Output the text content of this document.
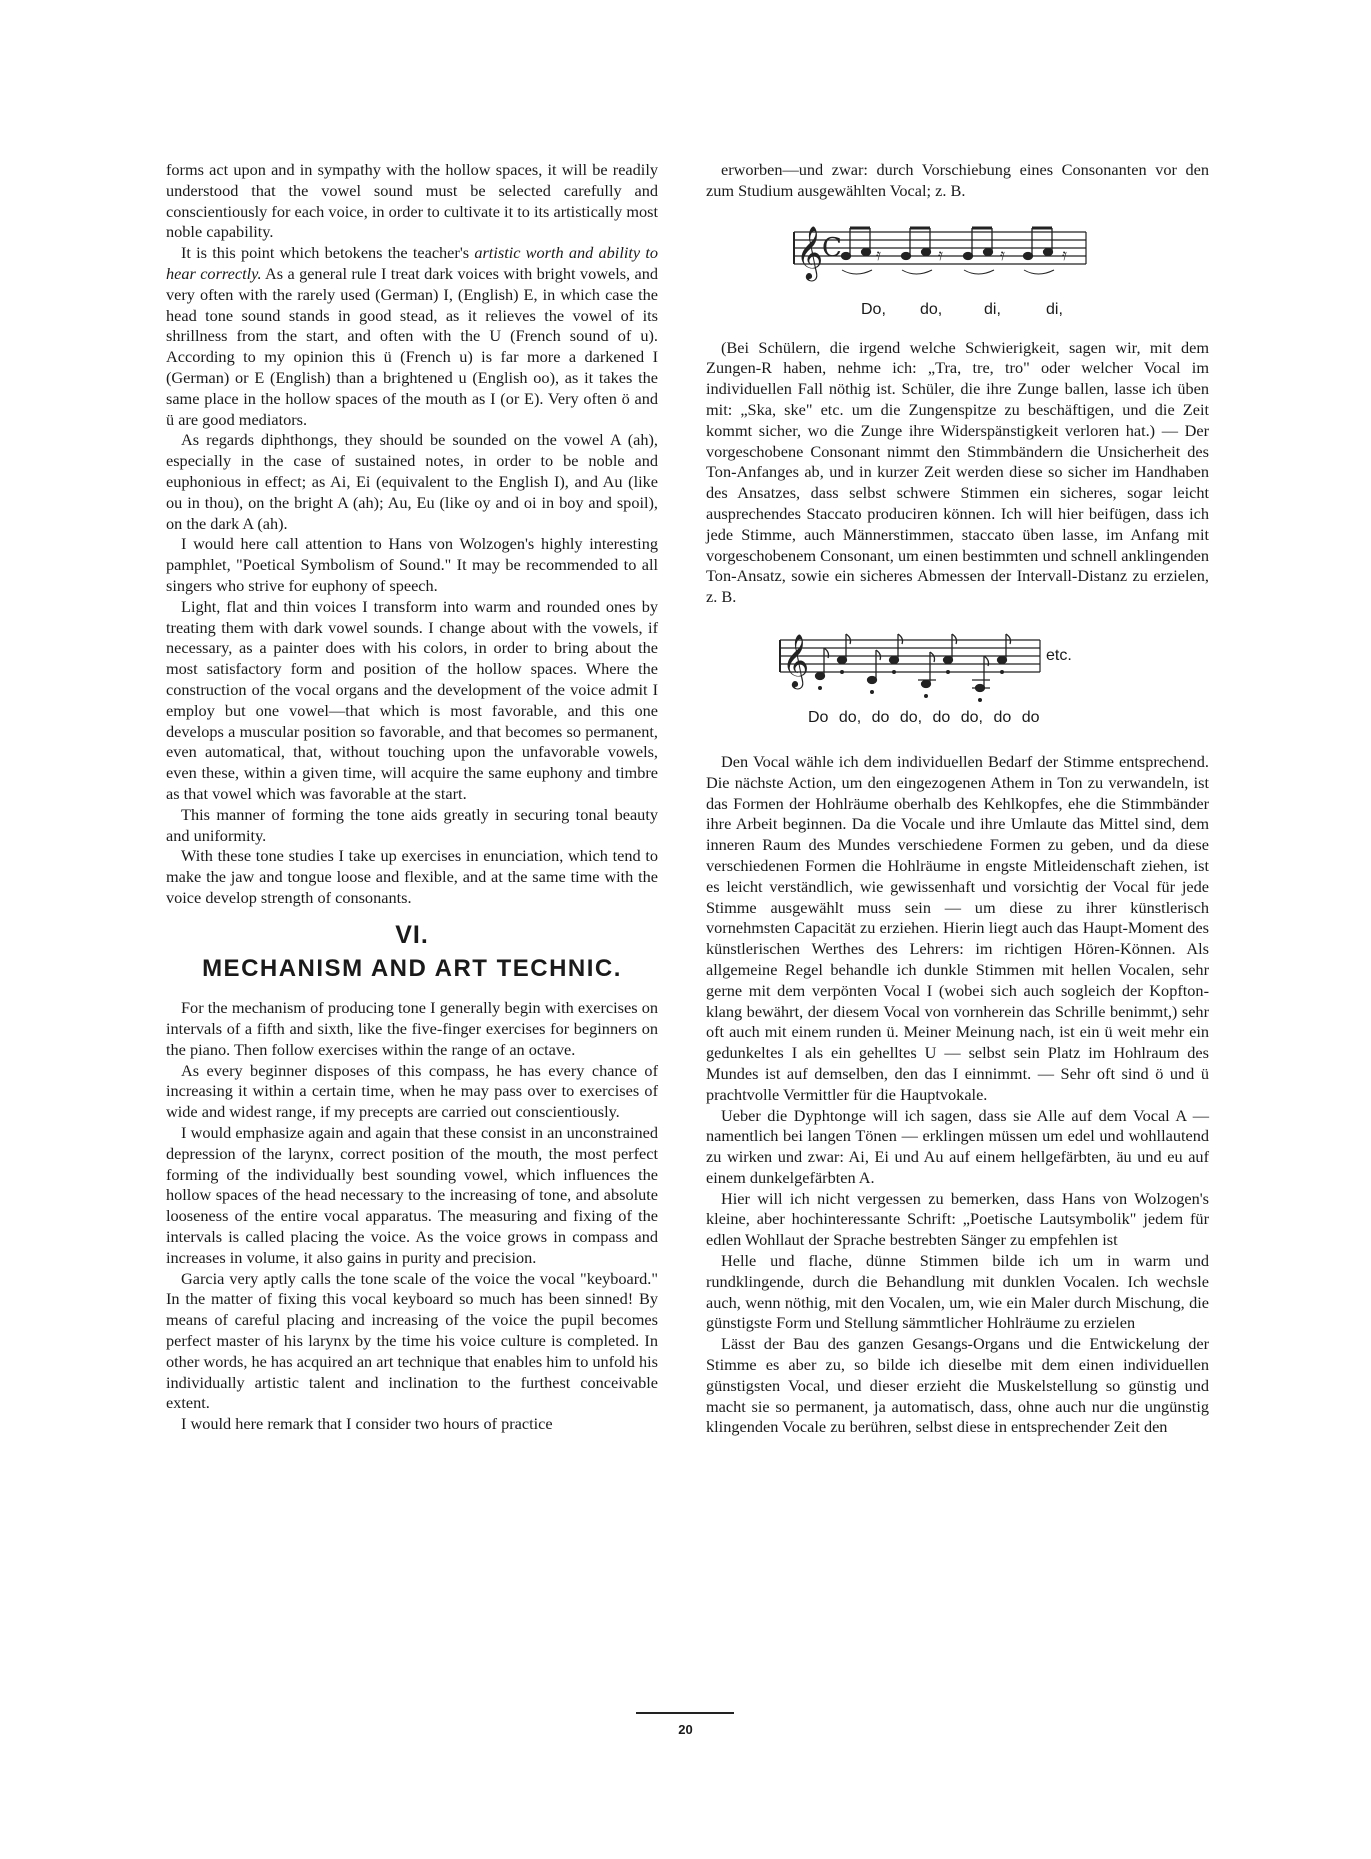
forms act upon and in sympathy with the hollow spaces, it will be readily understood that the vowel sound must be selected carefully and conscientiously for each voice, in order to cultivate it to its artistically most noble capability.

It is this point which betokens the teacher's artistic worth and ability to hear correctly. As a general rule I treat dark voices with bright vowels, and very often with the rarely used (German) I, (English) E, in which case the head tone sound stands in good stead, as it relieves the vowel of its shrillness from the start, and often with the U (French sound of u). According to my opinion this ü (French u) is far more a darkened I (German) or E (English) than a brightened u (English oo), as it takes the same place in the hollow spaces of the mouth as I (or E). Very often ö and ü are good mediators.

As regards diphthongs, they should be sounded on the vowel A (ah), especially in the case of sustained notes, in order to be noble and euphonious in effect; as Ai, Ei (equivalent to the English I), and Au (like ou in thou), on the bright A (ah); Au, Eu (like oy and oi in boy and spoil), on the dark A (ah).

I would here call attention to Hans von Wolzogen's highly interesting pamphlet, "Poetical Symbolism of Sound." It may be recommended to all singers who strive for euphony of speech.

Light, flat and thin voices I transform into warm and rounded ones by treating them with dark vowel sounds. I change about with the vowels, if necessary, as a painter does with his colors, in order to bring about the most satisfactory form and position of the hollow spaces. Where the construction of the vocal organs and the development of the voice admit I employ but one vowel—that which is most favorable, and this one develops a muscular position so favorable, and that becomes so permanent, even automatical, that, without touching upon the unfavorable vowels, even these, within a given time, will acquire the same euphony and timbre as that vowel which was favorable at the start.

This manner of forming the tone aids greatly in securing tonal beauty and uniformity.

With these tone studies I take up exercises in enunciation, which tend to make the jaw and tongue loose and flexible, and at the same time with the voice develop strength of consonants.

VI.
MECHANISM AND ART TECHNIC.

For the mechanism of producing tone I generally begin with exercises on intervals of a fifth and sixth, like the five-finger exercises for beginners on the piano. Then follow exercises within the range of an octave.

As every beginner disposes of this compass, he has every chance of increasing it within a certain time, when he may pass over to exercises of wide and widest range, if my precepts are carried out conscientiously.

I would emphasize again and again that these consist in an unconstrained depression of the larynx, correct position of the mouth, the most perfect forming of the individually best sounding vowel, which influences the hollow spaces of the head necessary to the increasing of tone, and absolute looseness of the entire vocal apparatus. The measuring and fixing of the intervals is called placing the voice. As the voice grows in compass and increases in volume, it also gains in purity and precision.

Garcia very aptly calls the tone scale of the voice the vocal "keyboard." In the matter of fixing this vocal keyboard so much has been sinned! By means of careful placing and increasing of the voice the pupil becomes perfect master of his larynx by the time his voice culture is completed. In other words, he has acquired an art technique that enables him to unfold his individually artistic talent and inclination to the furthest conceivable extent.

I would here remark that I consider two hours of practice

erworben—und zwar: durch Vorschiebung eines Consonanten vor den zum Studium ausgewählten Vocal; z. B.

𝄞
C 𝄿	𝄿	𝄿	𝄿
Do, do,	di,	di,

(Bei Schülern, die irgend welche Schwierigkeit, sagen wir, mit dem Zungen-R haben, nehme ich: „Tra, tre, tro" oder welcher Vocal im individuellen Fall nöthig ist. Schüler, die ihre Zunge ballen, lasse ich üben mit: „Ska, ske" etc. um die Zungenspitze zu beschäftigen, und die Zeit kommt sicher, wo die Zunge ihre Widerspänstigkeit verloren hat.) — Der vorgeschobene Consonant nimmt den Stimmbändern die Unsicherheit des Ton-Anfanges ab, und in kurzer Zeit werden diese so sicher im Handhaben des Ansatzes, dass selbst schwere Stimmen ein sicheres, sogar leicht ausprechendes Staccato produciren können. Ich will hier beifügen, dass ich jede Stimme, auch Männerstimmen, staccato üben lasse, im Anfang mit vorgeschobenem Consonant, um einen bestimmten und schnell anklingenden Ton-Ansatz, sowie ein sicheres Abmessen der Intervall-Distanz zu erzielen, z. B.

𝄞	etc.
Do do, do do, do do, do do

Den Vocal wähle ich dem individuellen Bedarf der Stimme entsprechend. Die nächste Action, um den eingezogenen Athem in Ton zu verwandeln, ist das Formen der Hohlräume oberhalb des Kehlkopfes, ehe die Stimmbänder ihre Arbeit beginnen. Da die Vocale und ihre Umlaute das Mittel sind, dem inneren Raum des Mundes verschiedene Formen zu geben, und da diese verschiedenen Formen die Hohlräume in engste Mitleidenschaft ziehen, ist es leicht verständlich, wie gewissenhaft und vorsichtig der Vocal für jede Stimme ausgewählt muss sein — um diese zu ihrer künstlerisch vornehmsten Capacität zu erziehen. Hierin liegt auch das Haupt-Moment des künstlerischen Werthes des Lehrers: im richtigen Hören-Können. Als allgemeine Regel behandle ich dunkle Stimmen mit hellen Vocalen, sehr gerne mit dem verpönten Vocal I (wobei sich auch sogleich der Kopfton-klang bewährt, der diesem Vocal von vornherein das Schrille benimmt,) sehr oft auch mit einem runden ü. Meiner Meinung nach, ist ein ü weit mehr ein gedunkeltes I als ein gehelltes U — selbst sein Platz im Hohlraum des Mundes ist auf demselben, den das I einnimmt. — Sehr oft sind ö und ü prachtvolle Vermittler für die Hauptvokale.

Ueber die Dyphtonge will ich sagen, dass sie Alle auf dem Vocal A — namentlich bei langen Tönen — erklingen müssen um edel und wohllautend zu wirken und zwar: Ai, Ei und Au auf einem hellgefärbten, äu und eu auf einem dunkelgefärbten A.

Hier will ich nicht vergessen zu bemerken, dass Hans von Wolzogen's kleine, aber hochinteressante Schrift: „Poetische Lautsymbolik" jedem für edlen Wohllaut der Sprache bestrebten Sänger zu empfehlen ist

Helle und flache, dünne Stimmen bilde ich um in warm und rundklingende, durch die Behandlung mit dunklen Vocalen. Ich wechsle auch, wenn nöthig, mit den Vocalen, um, wie ein Maler durch Mischung, die günstigste Form und Stellung sämmtlicher Hohlräume zu erzielen

Lässt der Bau des ganzen Gesangs-Organs und die Entwickelung der Stimme es aber zu, so bilde ich dieselbe mit dem einen individuellen günstigsten Vocal, und dieser erzieht die Muskelstellung so günstig und macht sie so permanent, ja automatisch, dass, ohne auch nur die ungünstig klingenden Vocale zu berühren, selbst diese in entsprechender Zeit den

20
